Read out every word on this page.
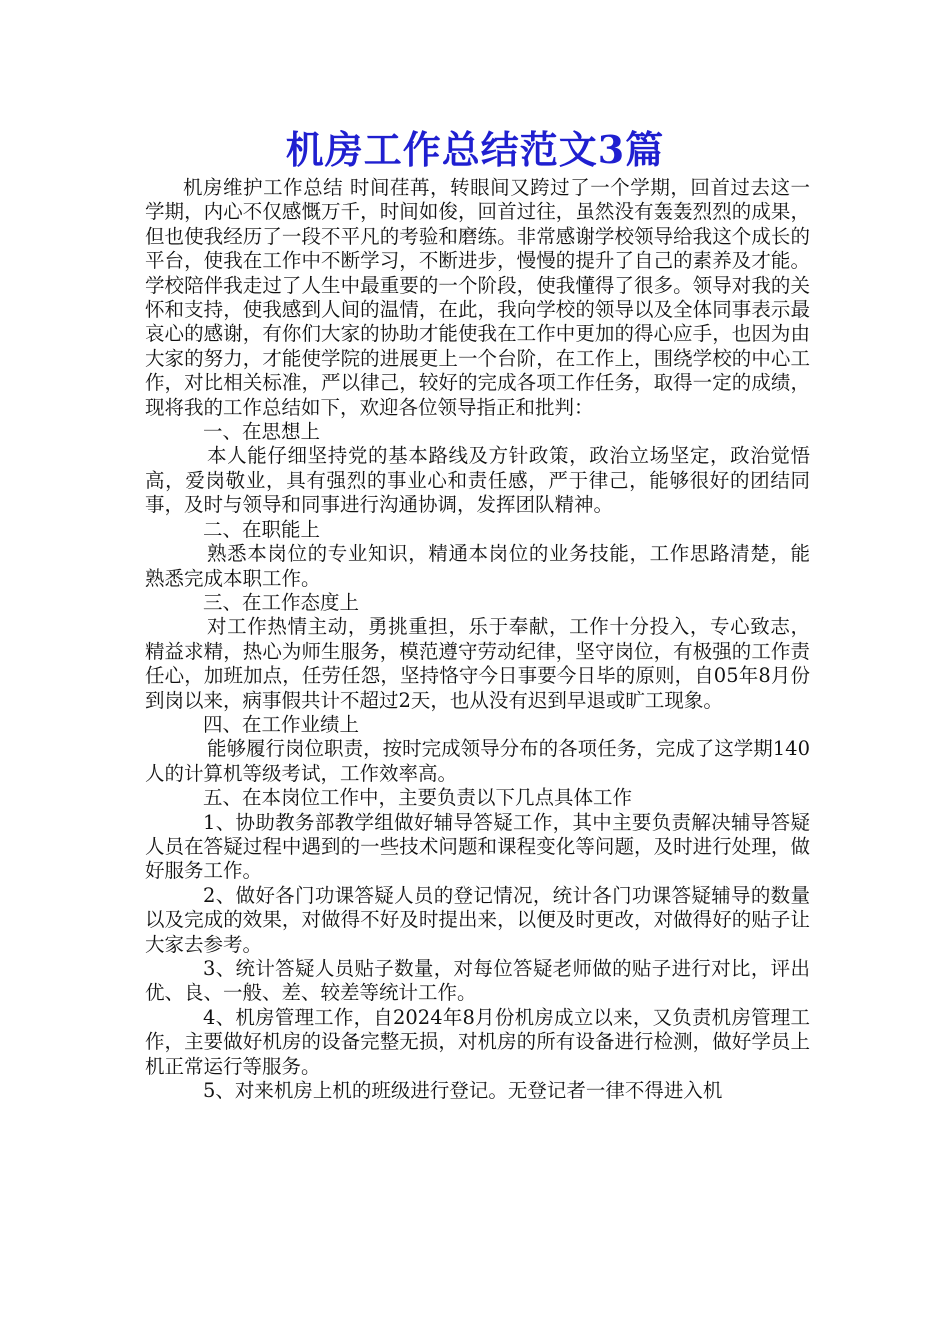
机房工作总结范文3篇

机房维护工作总结 时间荏苒，转眼间又跨过了一个学期，回首过去这一学期，内心不仅感慨万千，时间如俊，回首过往，虽然没有轰轰烈烈的成果，但也使我经历了一段不平凡的考验和磨练。非常感谢学校领导给我这个成长的平台，使我在工作中不断学习，不断进步，慢慢的提升了自己的素养及才能。学校陪伴我走过了人生中最重要的一个阶段，使我懂得了很多。领导对我的关怀和支持，使我感到人间的温情，在此，我向学校的领导以及全体同事表示最哀心的感谢，有你们大家的协助才能使我在工作中更加的得心应手，也因为由大家的努力，才能使学院的进展更上一个台阶，在工作上，围绕学校的中心工作，对比相关标准，严以律己，较好的完成各项工作任务，取得一定的成绩，现将我的工作总结如下，欢迎各位领导指正和批判：

一、在思想上

本人能仔细坚持党的基本路线及方针政策，政治立场坚定，政治觉悟高，爱岗敬业，具有强烈的事业心和责任感，严于律己，能够很好的团结同事，及时与领导和同事进行沟通协调，发挥团队精神。

二、在职能上

熟悉本岗位的专业知识，精通本岗位的业务技能，工作思路清楚，能熟悉完成本职工作。

三、在工作态度上

对工作热情主动，勇挑重担，乐于奉献，工作十分投入，专心致志，精益求精，热心为师生服务，模范遵守劳动纪律，坚守岗位，有极强的工作责任心，加班加点，任劳任怨，坚持恪守今日事要今日毕的原则，自05年8月份到岗以来，病事假共计不超过2天，也从没有迟到早退或旷工现象。

四、在工作业绩上

能够履行岗位职责，按时完成领导分布的各项任务，完成了这学期140人的计算机等级考试，工作效率高。

五、在本岗位工作中，主要负责以下几点具体工作

1、协助教务部教学组做好辅导答疑工作，其中主要负责解决辅导答疑人员在答疑过程中遇到的一些技术问题和课程变化等问题，及时进行处理，做好服务工作。

2、做好各门功课答疑人员的登记情况，统计各门功课答疑辅导的数量以及完成的效果，对做得不好及时提出来，以便及时更改，对做得好的贴子让大家去参考。

3、统计答疑人员贴子数量，对每位答疑老师做的贴子进行对比，评出优、良、一般、差、较差等统计工作。

4、机房管理工作，自2024年8月份机房成立以来，又负责机房管理工作，主要做好机房的设备完整无损，对机房的所有设备进行检测，做好学员上机正常运行等服务。

5、对来机房上机的班级进行登记。无登记者一律不得进入机
